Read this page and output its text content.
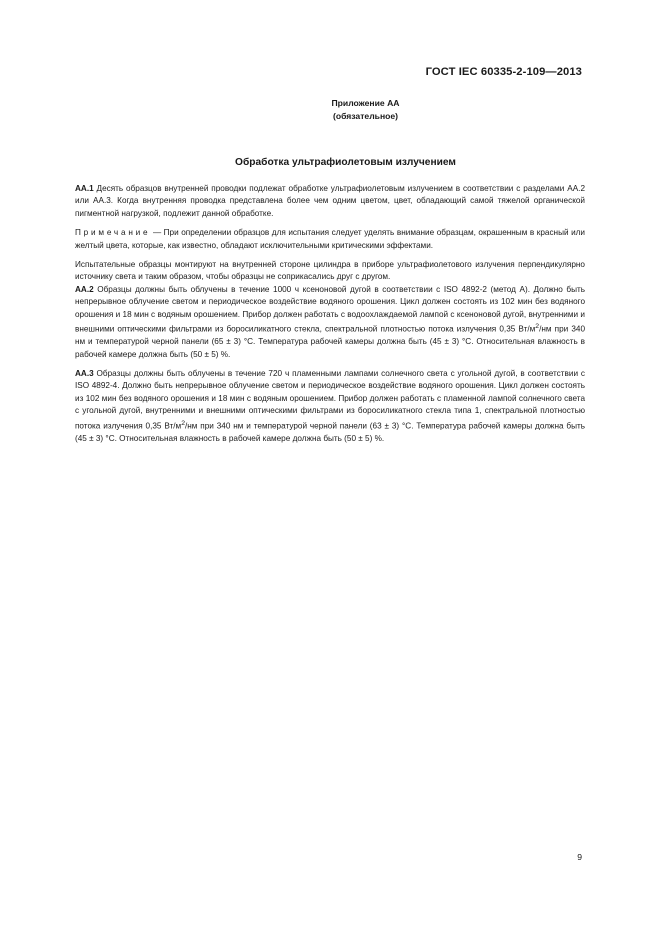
ГОСТ IEC 60335-2-109—2013
Приложение АА
(обязательное)
Обработка ультрафиолетовым излучением

АА.1 Десять образцов внутренней проводки подлежат обработке ультрафиолетовым излучением в соответствии с разделами АА.2 или АА.3. Когда внутренняя проводка представлена более чем одним цветом, цвет, обладающий самой тяжелой органической пигментной нагрузкой, подлежит данной обработке.

Примечание — При определении образцов для испытания следует уделять внимание образцам, окрашенным в красный или желтый цвета, которые, как известно, обладают исключительными критическими эффектами.

Испытательные образцы монтируют на внутренней стороне цилиндра в приборе ультрафиолетового излучения перпендикулярно источнику света и таким образом, чтобы образцы не соприкасались друг с другом.

АА.2 Образцы должны быть облучены в течение 1000 ч ксеноновой дугой в соответствии с ISO 4892-2 (метод А). Должно быть непрерывное облучение светом и периодическое воздействие водяного орошения. Цикл должен состоять из 102 мин без водяного орошения и 18 мин с водяным орошением. Прибор должен работать с водоохлаждаемой лампой с ксеноновой дугой, внутренними и внешними оптическими фильтрами из боросиликатного стекла, спектральной плотностью потока излучения 0,35 $Вт/м^2/нм$ при 340 нм и температурой черной панели (65 ± 3) °С. Температура рабочей камеры должна быть (45 ± 3) °С. Относительная влажность в рабочей камере должна быть (50 ± 5) %.

АА.3 Образцы должны быть облучены в течение 720 ч пламенными лампами солнечного света с угольной дугой, в соответствии с ISO 4892-4. Должно быть непрерывное облучение светом и периодическое воздействие водяного орошения. Цикл должен состоять из 102 мин без водяного орошения и 18 мин с водяным орошением. Прибор должен работать с пламенной лампой солнечного света с угольной дугой, внутренними и внешними оптическими фильтрами из боросиликатного стекла типа 1, спектральной плотностью потока излучения 0,35 $Вт/м^2/нм$ при 340 нм и температурой черной панели (63 ± 3) °С. Температура рабочей камеры должна быть (45 ± 3) °С. Относительная влажность в рабочей камере должна быть (50 ± 5) %.

9
